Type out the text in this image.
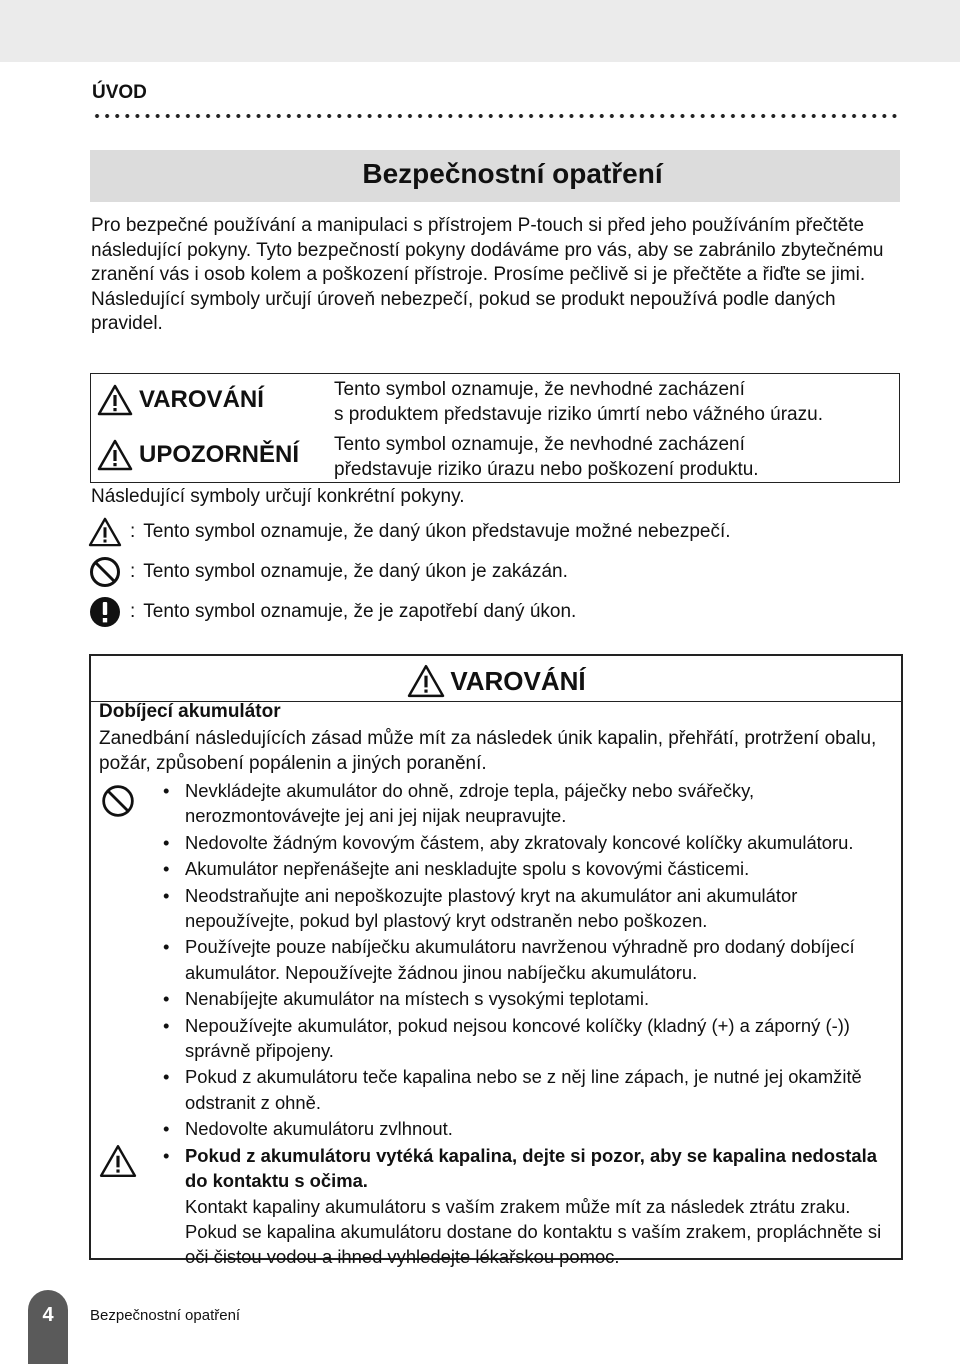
ÚVOD
Bezpečnostní opatření

Pro bezpečné používání a manipulaci s přístrojem P-touch si před jeho používáním přečtěte následující pokyny. Tyto bezpečností pokyny dodáváme pro vás, aby se zabránilo zbytečnému zranění vás i osob kolem a poškození přístroje. Prosíme pečlivě si je přečtěte a řiďte se jimi.

Následující symboly určují úroveň nebezpečí, pokud se produkt nepoužívá podle daných pravidel.

VAROVÁNÍ	Tento symbol oznamuje, že nevhodné zacházení
s produktem představuje riziko úmrtí nebo vážného úrazu.
UPOZORNĚNÍ Tento symbol oznamuje, že nevhodné zacházení
představuje riziko úrazu nebo poškození produktu.
Následující symboly určují konkrétní pokyny.
: Tento symbol oznamuje, že daný úkon představuje možné nebezpečí.
: Tento symbol oznamuje, že daný úkon je zakázán.
: Tento symbol oznamuje, že je zapotřebí daný úkon.
VAROVÁNÍ
Dobíjecí akumulátor
Zanedbání následujících zásad může mít za následek únik kapalin, přehřátí, protržení obalu, požár, způsobení popálenin a jiných poranění.
• Nevkládejte akumulátor do ohně, zdroje tepla, páječky nebo svářečky, nerozmontovávejte jej ani jej nijak neupravujte.
• Nedovolte žádným kovovým částem, aby zkratovaly koncové kolíčky akumulátoru.
• Akumulátor nepřenášejte ani neskladujte spolu s kovovými částicemi.
• Neodstraňujte ani nepoškozujte plastový kryt na akumulátor ani akumulátor nepoužívejte, pokud byl plastový kryt odstraněn nebo poškozen.
• Používejte pouze nabíječku akumulátoru navrženou výhradně pro dodaný dobíjecí akumulátor. Nepoužívejte žádnou jinou nabíječku akumulátoru.
• Nenabíjejte akumulátor na místech s vysokými teplotami.
• Nepoužívejte akumulátor, pokud nejsou koncové kolíčky (kladný (+) a záporný (-)) správně připojeny.
• Pokud z akumulátoru teče kapalina nebo se z něj line zápach, je nutné jej okamžitě odstranit z ohně.
• Nedovolte akumulátoru zvlhnout.
• Pokud z akumulátoru vytéká kapalina, dejte si pozor, aby se kapalina nedostala do kontaktu s očima.
Kontakt kapaliny akumulátoru s vaším zrakem může mít za následek ztrátu zraku. Pokud se kapalina akumulátoru dostane do kontaktu s vaším zrakem, propláchněte si oči čistou vodou a ihned vyhledejte lékařskou pomoc.
4	Bezpečnostní opatření
